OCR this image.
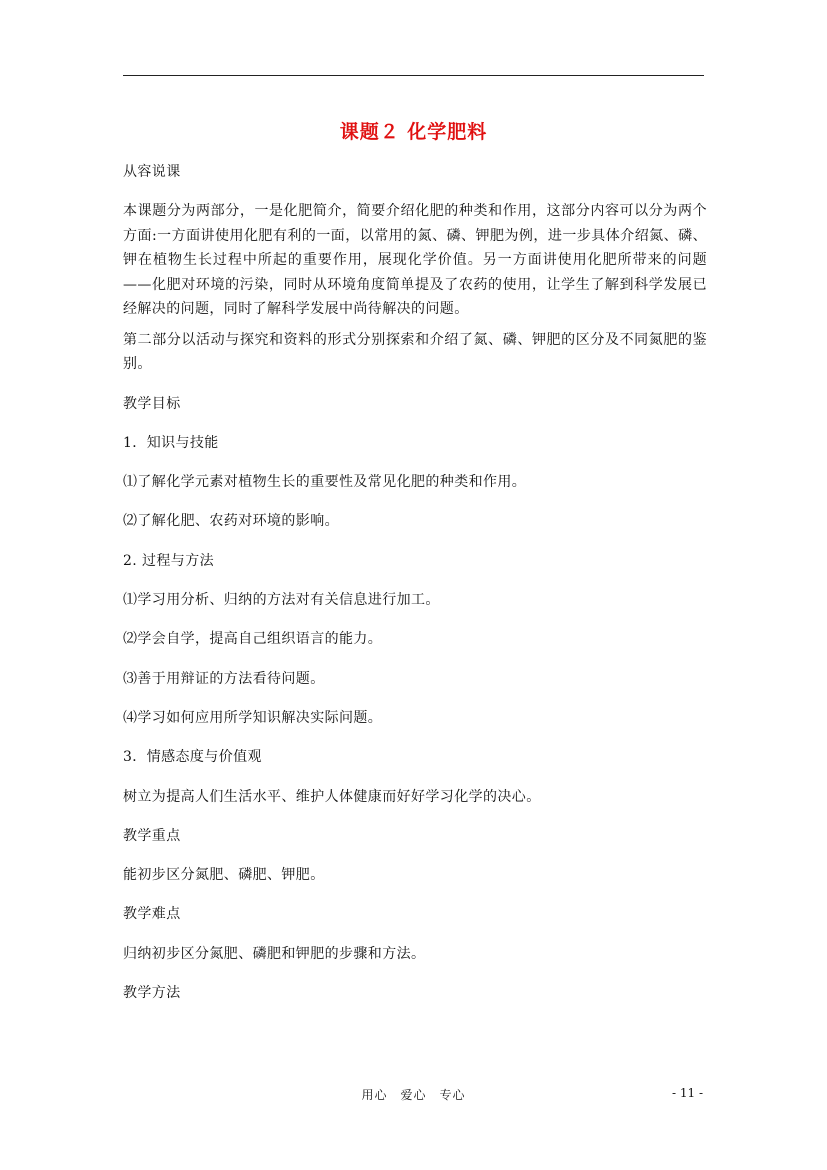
课题２ 化学肥料

从容说课

本课题分为两部分，一是化肥简介，简要介绍化肥的种类和作用，这部分内容可以分为两个方面:一方面讲使用化肥有利的一面，以常用的氮、磷、钾肥为例，进一步具体介绍氮、磷、钾在植物生长过程中所起的重要作用，展现化学价值。另一方面讲使用化肥所带来的问题——化肥对环境的污染，同时从环境角度简单提及了农药的使用，让学生了解到科学发展已经解决的问题，同时了解科学发展中尚待解决的问题。

第二部分以活动与探究和资料的形式分别探索和介绍了氮、磷、钾肥的区分及不同氮肥的鉴别。

教学目标

1．知识与技能

⑴了解化学元素对植物生长的重要性及常见化肥的种类和作用。

⑵了解化肥、农药对环境的影响。

2. 过程与方法

⑴学习用分析、归纳的方法对有关信息进行加工。

⑵学会自学，提高自己组织语言的能力。

⑶善于用辩证的方法看待问题。

⑷学习如何应用所学知识解决实际问题。

3．情感态度与价值观

树立为提高人们生活水平、维护人体健康而好好学习化学的决心。

教学重点

能初步区分氮肥、磷肥、钾肥。

教学难点

归纳初步区分氮肥、磷肥和钾肥的步骤和方法。

教学方法

用心　爱心　专心	- 11 -
